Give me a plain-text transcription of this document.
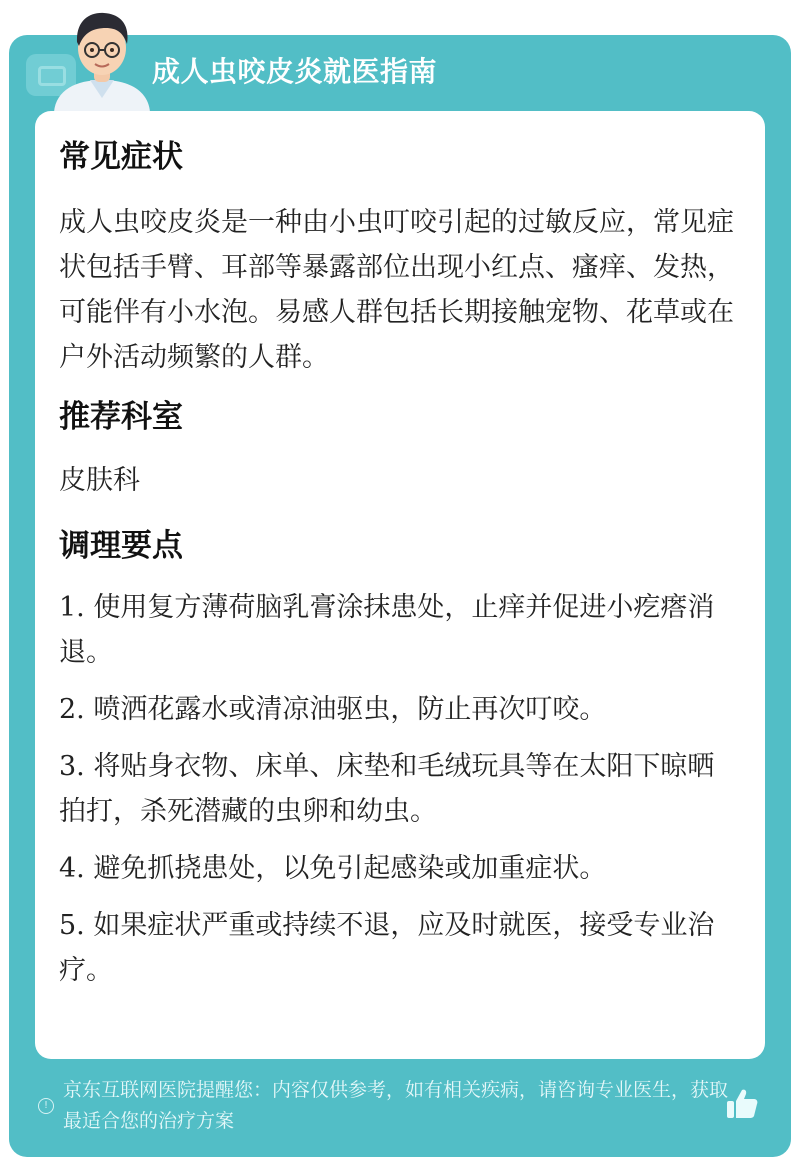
成人虫咬皮炎就医指南
常见症状

成人虫咬皮炎是一种由小虫叮咬引起的过敏反应，常见症状包括手臂、耳部等暴露部位出现小红点、瘙痒、发热，可能伴有小水泡。易感人群包括长期接触宠物、花草或在户外活动频繁的人群。

推荐科室

皮肤科

调理要点

1. 使用复方薄荷脑乳膏涂抹患处，止痒并促进小疙瘩消退。

2. 喷洒花露水或清凉油驱虫，防止再次叮咬。

3. 将贴身衣物、床单、床垫和毛绒玩具等在太阳下晾晒拍打，杀死潜藏的虫卵和幼虫。

4. 避免抓挠患处，以免引起感染或加重症状。

5. 如果症状严重或持续不退，应及时就医，接受专业治疗。

!
京东互联网医院提醒您：内容仅供参考，如有相关疾病，请咨询专业医生，获取最适合您的治疗方案
